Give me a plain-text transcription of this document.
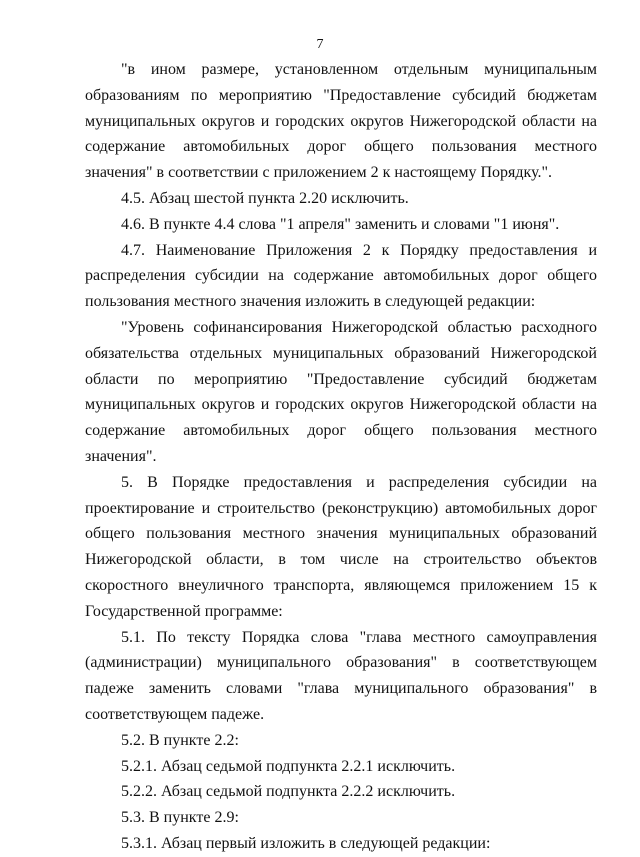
7

"в ином размере, установленном отдельным муниципальным образованиям по мероприятию "Предоставление субсидий бюджетам муниципальных округов и городских округов Нижегородской области на содержание автомобильных дорог общего пользования местного значения" в соответствии с приложением 2 к настоящему Порядку.".

4.5. Абзац шестой пункта 2.20 исключить.

4.6. В пункте 4.4 слова "1 апреля" заменить и словами "1 июня".

4.7. Наименование Приложения 2 к Порядку предоставления и распределения субсидии на содержание автомобильных дорог общего пользования местного значения изложить в следующей редакции:

"Уровень софинансирования Нижегородской областью расходного обязательства отдельных муниципальных образований Нижегородской области по мероприятию "Предоставление субсидий бюджетам муниципальных округов и городских округов Нижегородской области на содержание автомобильных дорог общего пользования местного значения".

5. В Порядке предоставления и распределения субсидии на проектирование и строительство (реконструкцию) автомобильных дорог общего пользования местного значения муниципальных образований Нижегородской области, в том числе на строительство объектов скоростного внеуличного транспорта, являющемся приложением 15 к Государственной программе:

5.1. По тексту Порядка слова "глава местного самоуправления (администрации) муниципального образования" в соответствующем падеже заменить словами "глава муниципального образования" в соответствующем падеже.

5.2. В пункте 2.2:

5.2.1. Абзац седьмой подпункта 2.2.1 исключить.

5.2.2. Абзац седьмой подпункта 2.2.2 исключить.

5.3. В пункте 2.9:

5.3.1. Абзац первый изложить в следующей редакции:
